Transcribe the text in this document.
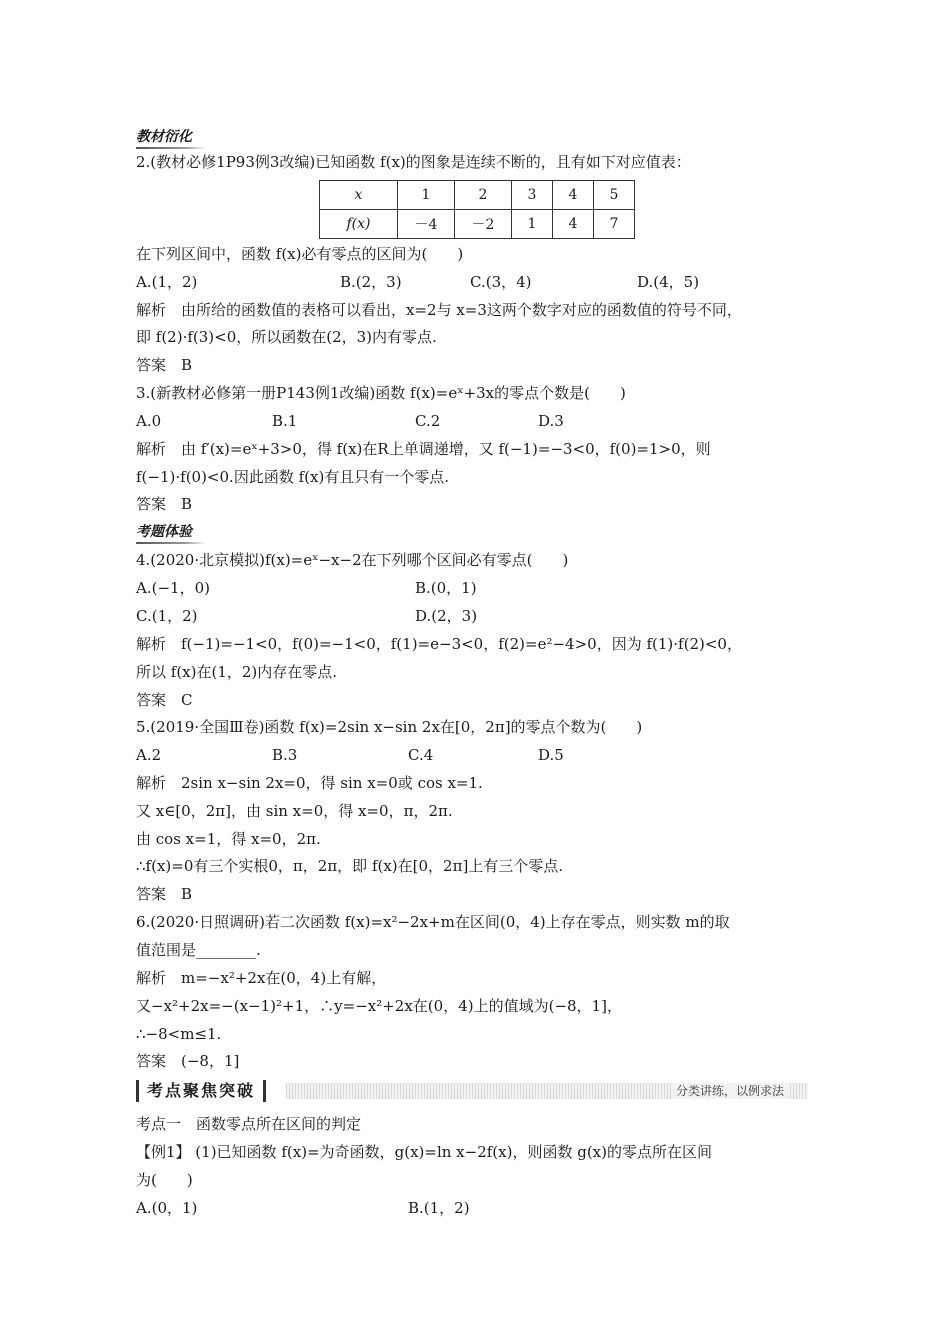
教材衍化
2.(教材必修1P93例3改编)已知函数 f(x)的图象是连续不断的，且有如下对应值表：
x	1	2	3	4	5
f(x)	－4	－2	1	4	7
在下列区间中，函数 f(x)必有零点的区间为(　　)
A.(1，2)	B.(2，3)	C.(3，4)	D.(4，5)
解析　由所给的函数值的表格可以看出，x=2与 x=3这两个数字对应的函数值的符号不同，
即 f(2)·f(3)<0，所以函数在(2，3)内有零点.
答案　B
3.(新教材必修第一册P143例1改编)函数 f(x)=eˣ+3x的零点个数是(　　)
A.0	B.1	C.2	D.3
解析　由 f′(x)=eˣ+3>0，得 f(x)在R上单调递增，又 f(−1)=−3<0，f(0)=1>0，则
f(−1)·f(0)<0.因此函数 f(x)有且只有一个零点.
答案　B
考题体验
4.(2020·北京模拟)f(x)=eˣ−x−2在下列哪个区间必有零点(　　)
A.(−1，0)	B.(0，1)
C.(1，2)	D.(2，3)
解析　f(−1)=−1<0，f(0)=−1<0，f(1)=e−3<0，f(2)=e²−4>0，因为 f(1)·f(2)<0，
所以 f(x)在(1，2)内存在零点.
答案　C
5.(2019·全国Ⅲ卷)函数 f(x)=2sin x−sin 2x在[0，2π]的零点个数为(　　)
A.2	B.3	C.4	D.5
解析　2sin x−sin 2x=0，得 sin x=0或 cos x=1.
又 x∈[0，2π]，由 sin x=0，得 x=0，π，2π.
由 cos x=1，得 x=0，2π.
∴f(x)=0有三个实根0，π，2π，即 f(x)在[0，2π]上有三个零点.
答案　B
6.(2020·日照调研)若二次函数 f(x)=x²−2x+m在区间(0，4)上存在零点，则实数 m的取
值范围是________.
解析　m=−x²+2x在(0，4)上有解，
又−x²+2x=−(x−1)²+1，∴y=−x²+2x在(0，4)上的值域为(−8，1]，
∴−8<m≤1.
答案　(−8，1]
考点聚焦突破	分类讲练，以例求法
考点一　函数零点所在区间的判定
【例1】 (1)已知函数 f(x)=为奇函数，g(x)=ln x−2f(x)，则函数 g(x)的零点所在区间
为(　　)
A.(0，1)	B.(1，2)
